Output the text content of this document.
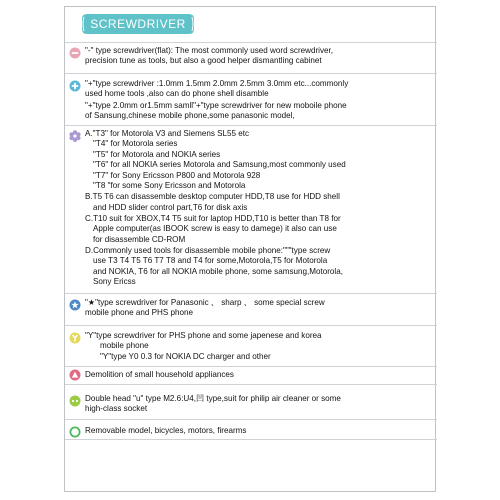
SCREWDRIVER
"-" type screwdriver(flat): The most commonly used word screwdriver,
precision tune as tools, but also a good helper dismantling cabinet
"+"type screwdriver :1.0mm 1.5mm 2.0mm 2.5mm 3.0mm etc...commonly
used home tools ,also can do phone shell disamble
"+"type 2.0mm or1.5mm samll"+"type screwdriver for new moboile phone
of Sansung,chinese mobile phone,some panasonic model,
A."T3" for Motorola V3 and Siemens SL55 etc
"T4" for Motorola series
"T5" for Motorola and NOKIA series
"T6" for all NOKIA series Motorola and Samsung,most commonly used
"T7" for Sony Ericsson P800 and Motorola 928
"T8 "for some Sony Ericsson and Motorola
B.T5 T6 can disassemble desktop computer HDD,T8 use for HDD shell
and HDD slider control part,T6 for disk axis
C.T10 suit for XBOX,T4 T5 suit for laptop HDD,T10 is better than T8 for
Apple computer(as IBOOK screw is easy to damege) it also can use
for disassemble CD-ROM
D.Commonly used tools for disassemble mobile phone:"""type screw
use T3 T4 T5 T6 T7 T8 and T4 for some,Motorola,T5 for Motorola
and NOKIA, T6 for all NOKIA mobile phone, some samsung,Motorola,
Sony Ericss
"★"type screwdriver for Panasonic 、 sharp 、 some special screw
mobile phone and PHS phone
"Y"type screwdriver for PHS phone and some japenese and korea
mobile phone
"Y"type Y0 0.3 for NOKIA DC charger and other
Demolition of small household appliances
Double head "u" type M2.6:U4,凹 type,suit for philip air cleaner or some
high-class socket
Removable model, bicycles, motors, firearms
